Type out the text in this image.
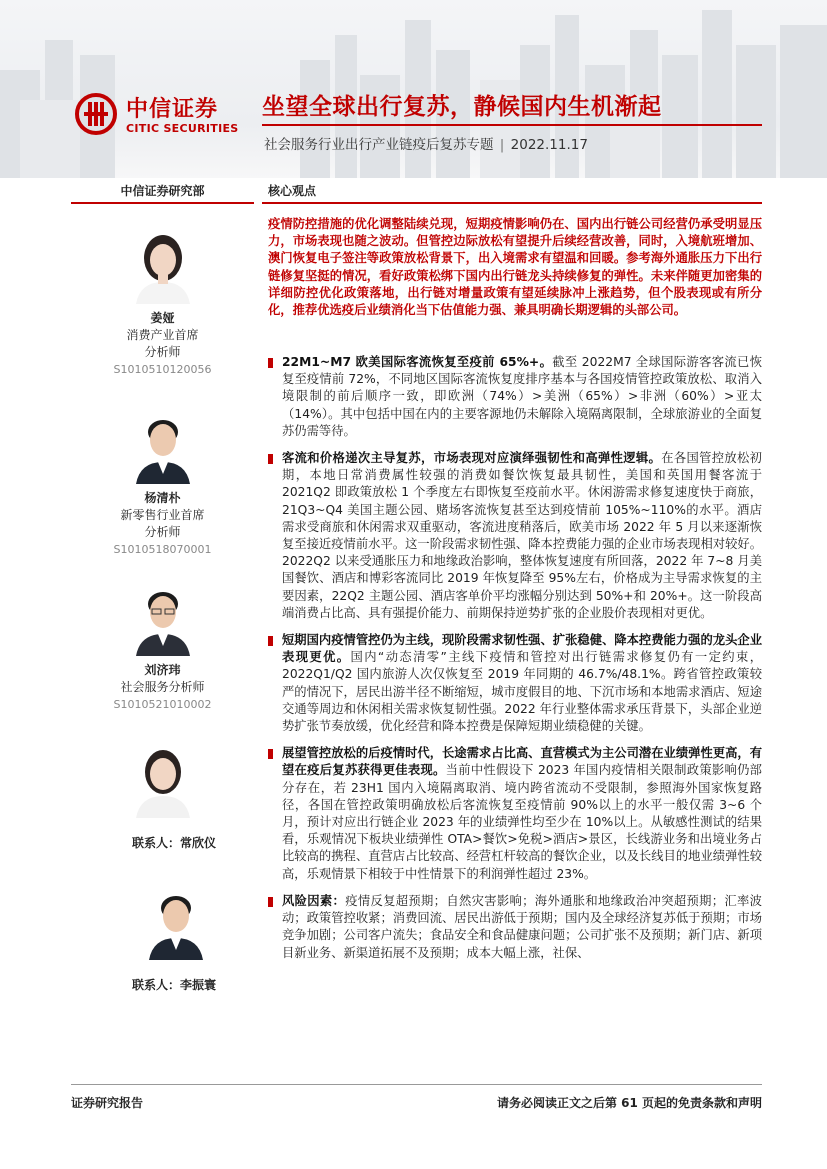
中信证券
CITIC SECURITIES
坐望全球出行复苏，静候国内生机渐起
社会服务行业出行产业链疫后复苏专题 | 2022.11.17
中信证券研究部	核心观点
姜娅
消费产业首席
分析师
S1010510120056
杨清朴
新零售行业首席
分析师
S1010518070001
刘济玮
社会服务分析师
S1010521010002
联系人：常欣仪
联系人：李振寰

疫情防控措施的优化调整陆续兑现，短期疫情影响仍在、国内出行链公司经营仍承受明显压力，市场表现也随之波动。但管控边际放松有望提升后续经营改善，同时，入境航班增加、澳门恢复电子签注等政策放松背景下，出入境需求有望温和回暖。参考海外通胀压力下出行链修复坚挺的情况，看好政策松绑下国内出行链龙头持续修复的弹性。未来伴随更加密集的详细防控优化政策落地，出行链对增量政策有望延续脉冲上涨趋势，但个股表现或有所分化，推荐优选疫后业绩消化当下估值能力强、兼具明确长期逻辑的头部公司。

22M1~M7 欧美国际客流恢复至疫前 65%+。截至 2022M7 全球国际游客客流已恢复至疫情前 72%，不同地区国际客流恢复度排序基本与各国疫情管控政策放松、取消入境限制的前后顺序一致，即欧洲（74%）>美洲（65%）>非洲（60%）>亚太（14%）。其中包括中国在内的主要客源地仍未解除入境隔离限制，全球旅游业的全面复苏仍需等待。
客流和价格递次主导复苏，市场表现对应演绎强韧性和高弹性逻辑。在各国管控放松初期，本地日常消费属性较强的消费如餐饮恢复最具韧性，美国和英国用餐客流于 2021Q2 即政策放松 1 个季度左右即恢复至疫前水平。休闲游需求修复速度快于商旅，21Q3~Q4 美国主题公园、赌场客流恢复甚至达到疫情前 105%~110%的水平。酒店需求受商旅和休闲需求双重驱动，客流进度稍落后，欧美市场 2022 年 5 月以来逐渐恢复至接近疫情前水平。这一阶段需求韧性强、降本控费能力强的企业市场表现相对较好。2022Q2 以来受通胀压力和地缘政治影响，整体恢复速度有所回落，2022 年 7~8 月美国餐饮、酒店和博彩客流同比 2019 年恢复降至 95%左右，价格成为主导需求恢复的主要因素，22Q2 主题公园、酒店客单价平均涨幅分别达到 50%+和 20%+。这一阶段高端消费占比高、具有强提价能力、前期保持逆势扩张的企业股价表现相对更优。
短期国内疫情管控仍为主线，现阶段需求韧性强、扩张稳健、降本控费能力强的龙头企业表现更优。国内“动态清零”主线下疫情和管控对出行链需求修复仍有一定约束，2022Q1/Q2 国内旅游人次仅恢复至 2019 年同期的 46.7%/48.1%。跨省管控政策较严的情况下，居民出游半径不断缩短，城市度假目的地、下沉市场和本地需求酒店、短途交通等周边和休闲相关需求恢复韧性强。2022 年行业整体需求承压背景下，头部企业逆势扩张节奏放缓，优化经营和降本控费是保障短期业绩稳健的关键。
展望管控放松的后疫情时代，长途需求占比高、直营模式为主公司潜在业绩弹性更高，有望在疫后复苏获得更佳表现。当前中性假设下 2023 年国内疫情相关限制政策影响仍部分存在，若 23H1 国内入境隔离取消、境内跨省流动不受限制，参照海外国家恢复路径，各国在管控政策明确放松后客流恢复至疫情前 90%以上的水平一般仅需 3~6 个月，预计对应出行链企业 2023 年的业绩弹性均至少在 10%以上。从敏感性测试的结果看，乐观情况下板块业绩弹性 OTA>餐饮>免税>酒店>景区，长线游业务和出境业务占比较高的携程、直营店占比较高、经营杠杆较高的餐饮企业，以及长线目的地业绩弹性较高，乐观情景下相较于中性情景下的利润弹性超过 23%。
风险因素：疫情反复超预期；自然灾害影响；海外通胀和地缘政治冲突超预期；汇率波动；政策管控收紧；消费回流、居民出游低于预期；国内及全球经济复苏低于预期；市场竞争加剧；公司客户流失；食品安全和食品健康问题；公司扩张不及预期；新门店、新项目新业务、新渠道拓展不及预期；成本大幅上涨，社保、
证券研究报告	请务必阅读正文之后第 61 页起的免责条款和声明
